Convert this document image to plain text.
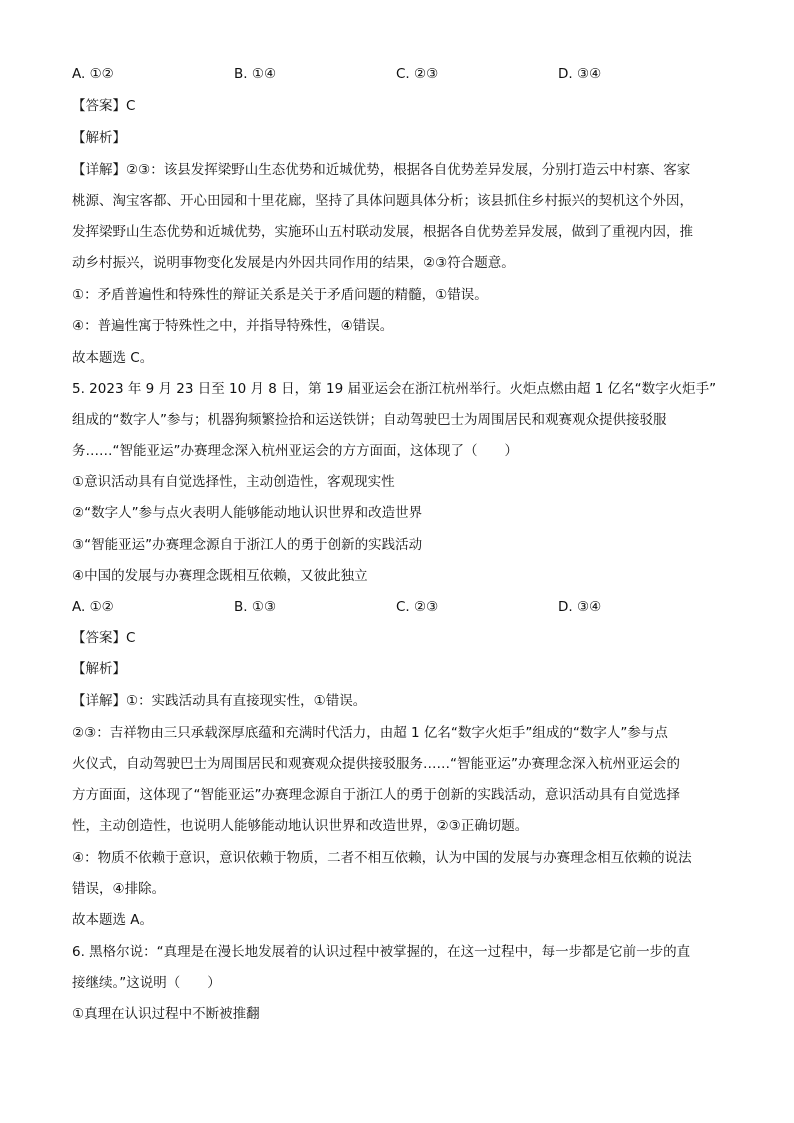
A. ①②	B. ①④	C. ②③	D. ③④
【答案】C
【解析】
【详解】②③：该县发挥梁野山生态优势和近城优势，根据各自优势差异发展，分别打造云中村寨、客家
桃源、淘宝客都、开心田园和十里花廊，坚持了具体问题具体分析；该县抓住乡村振兴的契机这个外因，
发挥梁野山生态优势和近城优势，实施环山五村联动发展，根据各自优势差异发展，做到了重视内因，推
动乡村振兴，说明事物变化发展是内外因共同作用的结果，②③符合题意。
①：矛盾普遍性和特殊性的辩证关系是关于矛盾问题的精髓，①错误。
④：普遍性寓于特殊性之中，并指导特殊性，④错误。
故本题选 C。
5. 2023 年 9 月 23 日至 10 月 8 日，第 19 届亚运会在浙江杭州举行。火炬点燃由超 1 亿名“数字火炬手”
组成的“数字人”参与；机器狗频繁捡拾和运送铁饼；自动驾驶巴士为周围居民和观赛观众提供接驳服
务……“智能亚运”办赛理念深入杭州亚运会的方方面面，这体现了（　　）
①意识活动具有自觉选择性，主动创造性，客观现实性
②“数字人”参与点火表明人能够能动地认识世界和改造世界
③“智能亚运”办赛理念源自于浙江人的勇于创新的实践活动
④中国的发展与办赛理念既相互依赖，又彼此独立
A. ①②	B. ①③	C. ②③	D. ③④
【答案】C
【解析】
【详解】①：实践活动具有直接现实性，①错误。
②③：吉祥物由三只承载深厚底蕴和充满时代活力，由超 1 亿名“数字火炬手”组成的“数字人”参与点
火仪式，自动驾驶巴士为周围居民和观赛观众提供接驳服务……“智能亚运”办赛理念深入杭州亚运会的
方方面面，这体现了“智能亚运”办赛理念源自于浙江人的勇于创新的实践活动，意识活动具有自觉选择
性，主动创造性，也说明人能够能动地认识世界和改造世界，②③正确切题。
④：物质不依赖于意识，意识依赖于物质，二者不相互依赖，认为中国的发展与办赛理念相互依赖的说法
错误，④排除。
故本题选 A。
6. 黑格尔说：“真理是在漫长地发展着的认识过程中被掌握的，在这一过程中，每一步都是它前一步的直
接继续。”这说明（　　）
①真理在认识过程中不断被推翻
